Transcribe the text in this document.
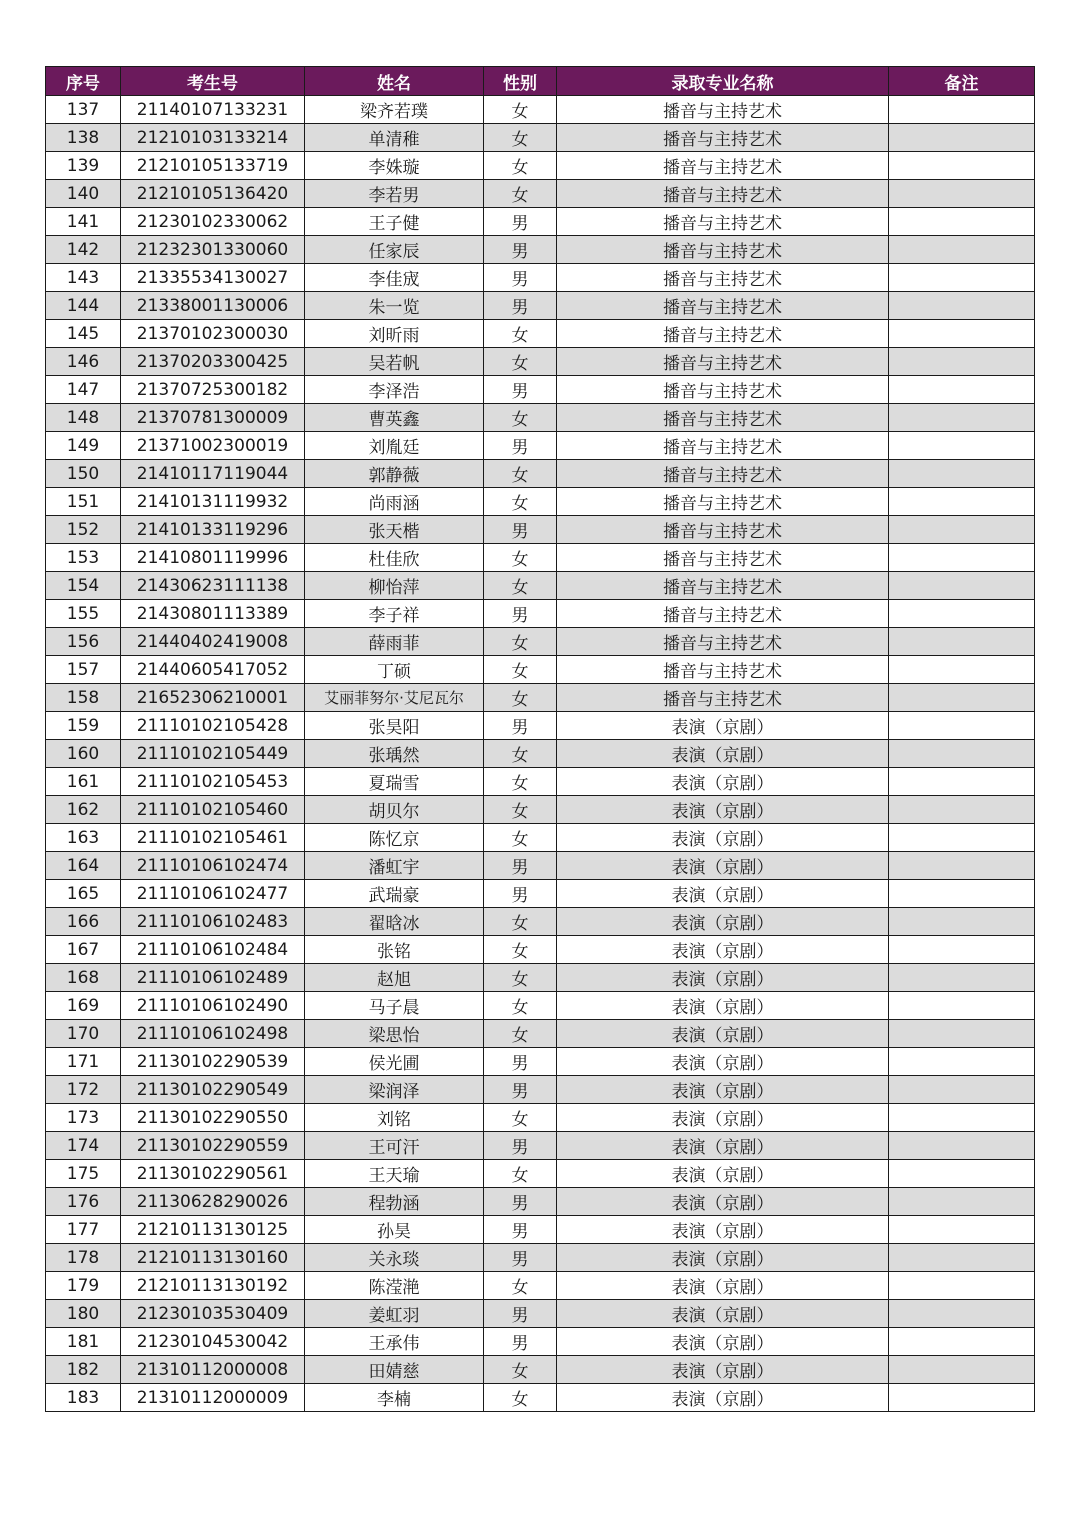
序号	考生号	姓名	性别	录取专业名称	备注
137	21140107133231	梁齐若璞	女	播音与主持艺术	
138	21210103133214	单清稚	女	播音与主持艺术	
139	21210105133719	李姝璇	女	播音与主持艺术	
140	21210105136420	李若男	女	播音与主持艺术	
141	21230102330062	王子健	男	播音与主持艺术	
142	21232301330060	任家辰	男	播音与主持艺术	
143	21335534130027	李佳宬	男	播音与主持艺术	
144	21338001130006	朱一览	男	播音与主持艺术	
145	21370102300030	刘昕雨	女	播音与主持艺术	
146	21370203300425	吴若帆	女	播音与主持艺术	
147	21370725300182	李泽浩	男	播音与主持艺术	
148	21370781300009	曹英鑫	女	播音与主持艺术	
149	21371002300019	刘胤廷	男	播音与主持艺术	
150	21410117119044	郭静薇	女	播音与主持艺术	
151	21410131119932	尚雨涵	女	播音与主持艺术	
152	21410133119296	张天楷	男	播音与主持艺术	
153	21410801119996	杜佳欣	女	播音与主持艺术	
154	21430623111138	柳怡萍	女	播音与主持艺术	
155	21430801113389	李子祥	男	播音与主持艺术	
156	21440402419008	薛雨菲	女	播音与主持艺术	
157	21440605417052	丁硕	女	播音与主持艺术	
158	21652306210001	艾丽菲努尔·艾尼瓦尔	女	播音与主持艺术	
159	21110102105428	张昊阳	男	表演（京剧）	
160	21110102105449	张瑀然	女	表演（京剧）	
161	21110102105453	夏瑞雪	女	表演（京剧）	
162	21110102105460	胡贝尔	女	表演（京剧）	
163	21110102105461	陈忆京	女	表演（京剧）	
164	21110106102474	潘虹宇	男	表演（京剧）	
165	21110106102477	武瑞豪	男	表演（京剧）	
166	21110106102483	翟晗冰	女	表演（京剧）	
167	21110106102484	张铭	女	表演（京剧）	
168	21110106102489	赵旭	女	表演（京剧）	
169	21110106102490	马子晨	女	表演（京剧）	
170	21110106102498	梁思怡	女	表演（京剧）	
171	21130102290539	侯光圃	男	表演（京剧）	
172	21130102290549	梁润泽	男	表演（京剧）	
173	21130102290550	刘铭	女	表演（京剧）	
174	21130102290559	王可汗	男	表演（京剧）	
175	21130102290561	王天瑜	女	表演（京剧）	
176	21130628290026	程勃涵	男	表演（京剧）	
177	21210113130125	孙昊	男	表演（京剧）	
178	21210113130160	关永琰	男	表演（京剧）	
179	21210113130192	陈滢滟	女	表演（京剧）	
180	21230103530409	姜虹羽	男	表演（京剧）	
181	21230104530042	王承伟	男	表演（京剧）	
182	21310112000008	田婧慈	女	表演（京剧）	
183	21310112000009	李楠	女	表演（京剧）	
